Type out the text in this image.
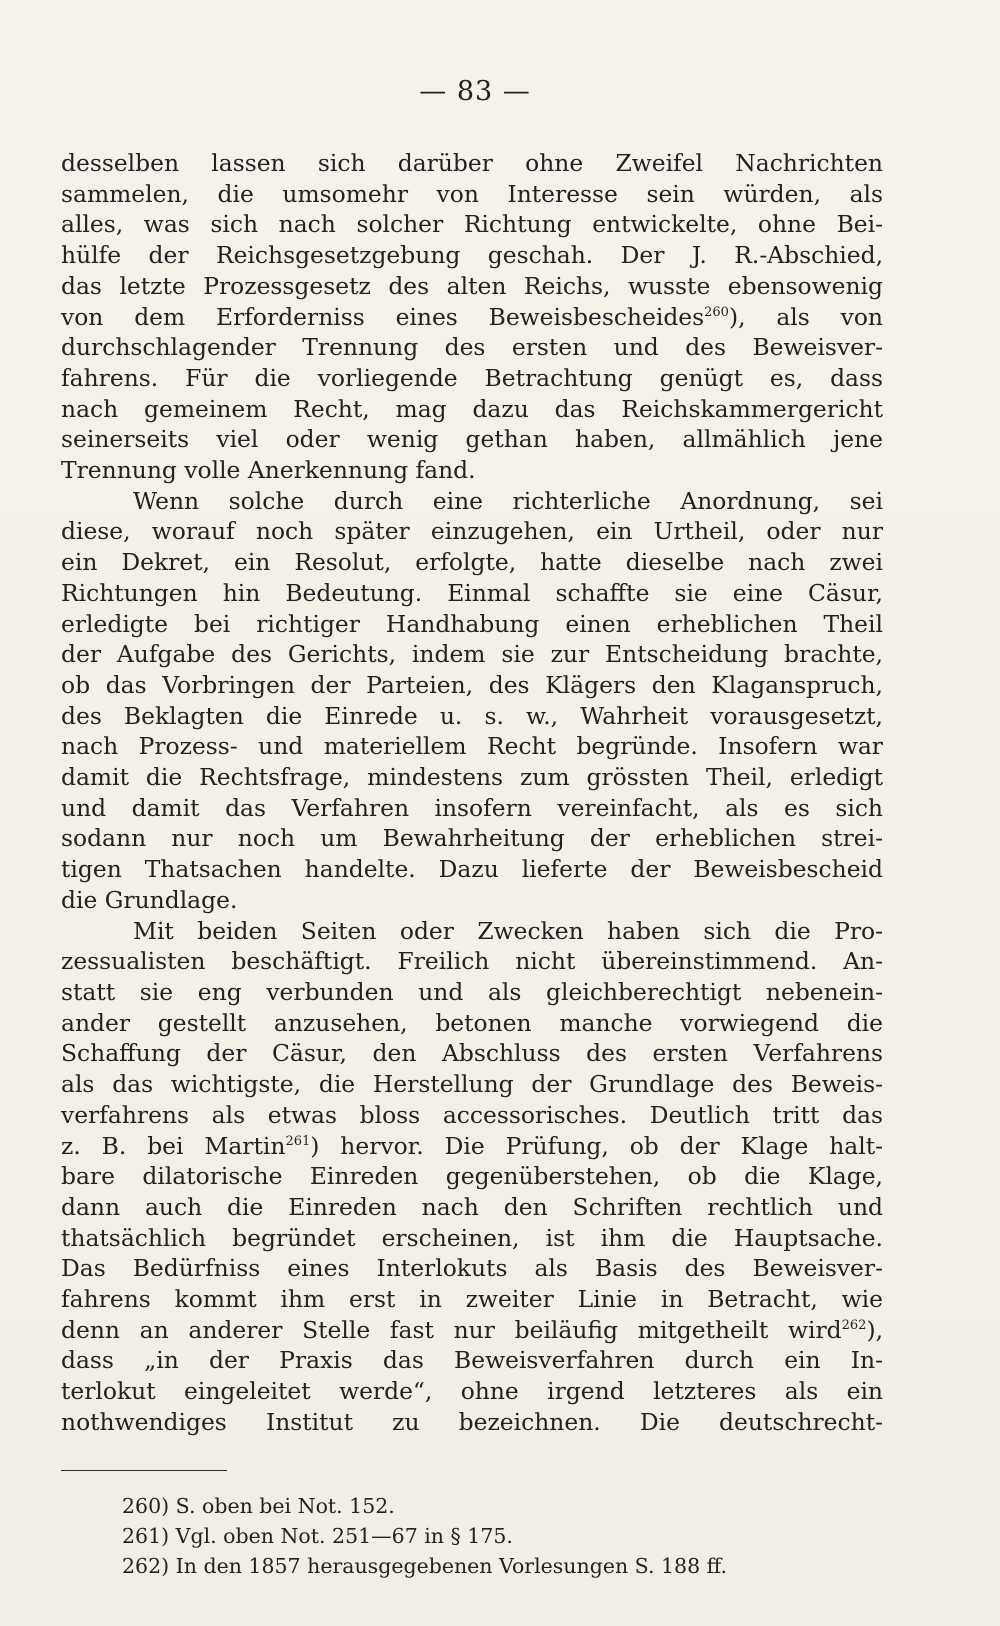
— 83 —
desselben lassen sich darüber ohne Zweifel Nachrichten
sammelen, die umsomehr von Interesse sein würden, als
alles, was sich nach solcher Richtung entwickelte, ohne Bei-
hülfe der Reichsgesetzgebung geschah. Der J. R.-Abschied,
das letzte Prozessgesetz des alten Reichs, wusste ebensowenig
von dem Erforderniss eines Beweisbescheides$^{260}$), als von
durchschlagender Trennung des ersten und des Beweisver-
fahrens. Für die vorliegende Betrachtung genügt es, dass
nach gemeinem Recht, mag dazu das Reichskammergericht
seinerseits viel oder wenig gethan haben, allmählich jene
Trennung volle Anerkennung fand.
Wenn solche durch eine richterliche Anordnung, sei
diese, worauf noch später einzugehen, ein Urtheil, oder nur
ein Dekret, ein Resolut, erfolgte, hatte dieselbe nach zwei
Richtungen hin Bedeutung. Einmal schaffte sie eine Cäsur,
erledigte bei richtiger Handhabung einen erheblichen Theil
der Aufgabe des Gerichts, indem sie zur Entscheidung brachte,
ob das Vorbringen der Parteien, des Klägers den Klaganspruch,
des Beklagten die Einrede u. s. w., Wahrheit vorausgesetzt,
nach Prozess- und materiellem Recht begründe. Insofern war
damit die Rechtsfrage, mindestens zum grössten Theil, erledigt
und damit das Verfahren insofern vereinfacht, als es sich
sodann nur noch um Bewahrheitung der erheblichen strei-
tigen Thatsachen handelte. Dazu lieferte der Beweisbescheid
die Grundlage.
Mit beiden Seiten oder Zwecken haben sich die Pro-
zessualisten beschäftigt. Freilich nicht übereinstimmend. An-
statt sie eng verbunden und als gleichberechtigt nebenein-
ander gestellt anzusehen, betonen manche vorwiegend die
Schaffung der Cäsur, den Abschluss des ersten Verfahrens
als das wichtigste, die Herstellung der Grundlage des Beweis-
verfahrens als etwas bloss accessorisches. Deutlich tritt das
z. B. bei Martin$^{261}$) hervor. Die Prüfung, ob der Klage halt-
bare dilatorische Einreden gegenüberstehen, ob die Klage,
dann auch die Einreden nach den Schriften rechtlich und
thatsächlich begründet erscheinen, ist ihm die Hauptsache.
Das Bedürfniss eines Interlokuts als Basis des Beweisver-
fahrens kommt ihm erst in zweiter Linie in Betracht, wie
denn an anderer Stelle fast nur beiläufig mitgetheilt wird$^{262}$),
dass „in der Praxis das Beweisverfahren durch ein In-
terlokut eingeleitet werde“, ohne irgend letzteres als ein
nothwendiges Institut zu bezeichnen. Die deutschrecht-
260) S. oben bei Not. 152.
261) Vgl. oben Not. 251—67 in § 175.
262) In den 1857 herausgegebenen Vorlesungen S. 188 ff.
